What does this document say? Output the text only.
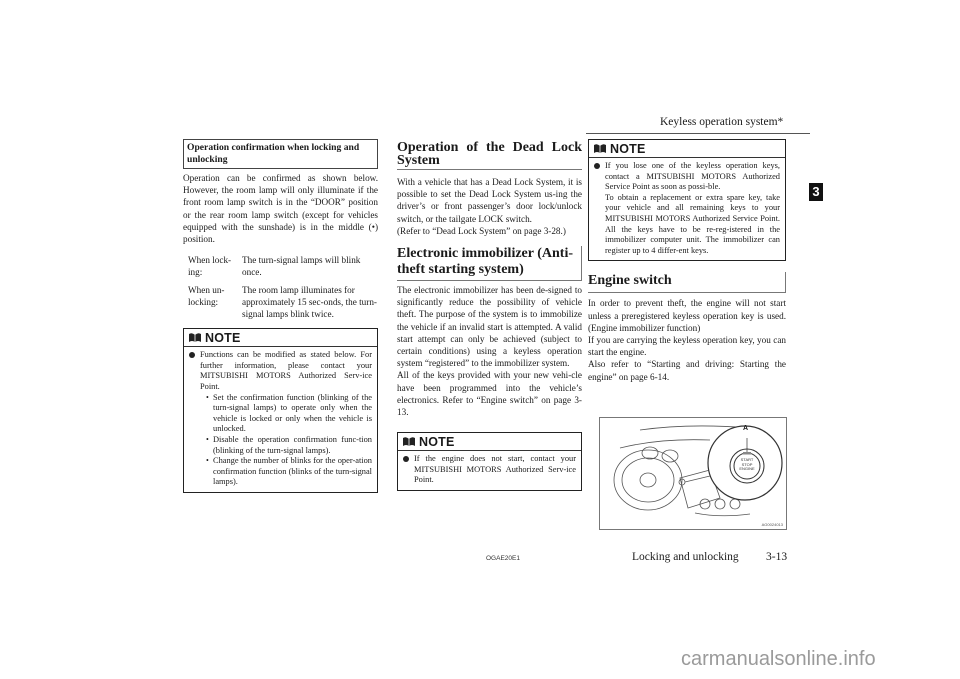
Keyless operation system*
3
Operation confirmation when locking and unlocking

Operation can be confirmed as shown below. However, the room lamp will only illuminate if the front room lamp switch is in the “DOOR” position or the rear room lamp switch (except for vehicles equipped with the sunshade) is in the middle (•) position.

When lock-ing:
The turn-signal lamps will blink once.
When un-locking:
The room lamp illuminates for approximately 15 sec-onds, the turn-signal lamps blink twice.
NOTE
Functions can be modified as stated below. For further information, please contact your MITSUBISHI MOTORS Authorized Serv-ice Point.
• Set the confirmation function (blinking of the turn-signal lamps) to operate only when the vehicle is locked or only when the vehicle is unlocked.
• Disable the operation confirmation func-tion (blinking of the turn-signal lamps).
• Change the number of blinks for the oper-ation confirmation function (blinks of the turn-signal lamps).
Operation of the Dead Lock System

With a vehicle that has a Dead Lock System, it is possible to set the Dead Lock System us-ing the driver’s or front passenger’s door lock/unlock switch, or the tailgate LOCK switch.

(Refer to “Dead Lock System” on page 3-28.)

Electronic immobilizer (Anti-theft starting system)

The electronic immobilizer has been de-signed to significantly reduce the possibility of vehicle theft. The purpose of the system is to immobilize the vehicle if an invalid start is attempted. A valid start attempt can only be achieved (subject to certain conditions) using a keyless operation system “registered” to the immobilizer system.

All of the keys provided with your new vehi-cle have been programmed into the vehicle’s electronics. Refer to “Engine switch” on page 3-13.

NOTE
If the engine does not start, contact your MITSUBISHI MOTORS Authorized Serv-ice Point.
NOTE
If you lose one of the keyless operation keys, contact a MITSUBISHI MOTORS Authorized Service Point as soon as possi-ble.
To obtain a replacement or extra spare key, take your vehicle and all remaining keys to your MITSUBISHI MOTORS Authorized Service Point. All the keys have to be re-reg-istered in the immobilizer computer unit. The immobilizer can register up to 4 differ-ent keys.
Engine switch

In order to prevent theft, the engine will not start unless a preregistered keyless operation key is used. (Engine immobilizer function)

If you are carrying the keyless operation key, you can start the engine.

Also refer to “Starting and driving: Starting the engine” on page 6-14.

A
START
STOP
ENGINE
AG0024013
OGAE20E1	Locking and unlocking 3-13
carmanualsonline.info
